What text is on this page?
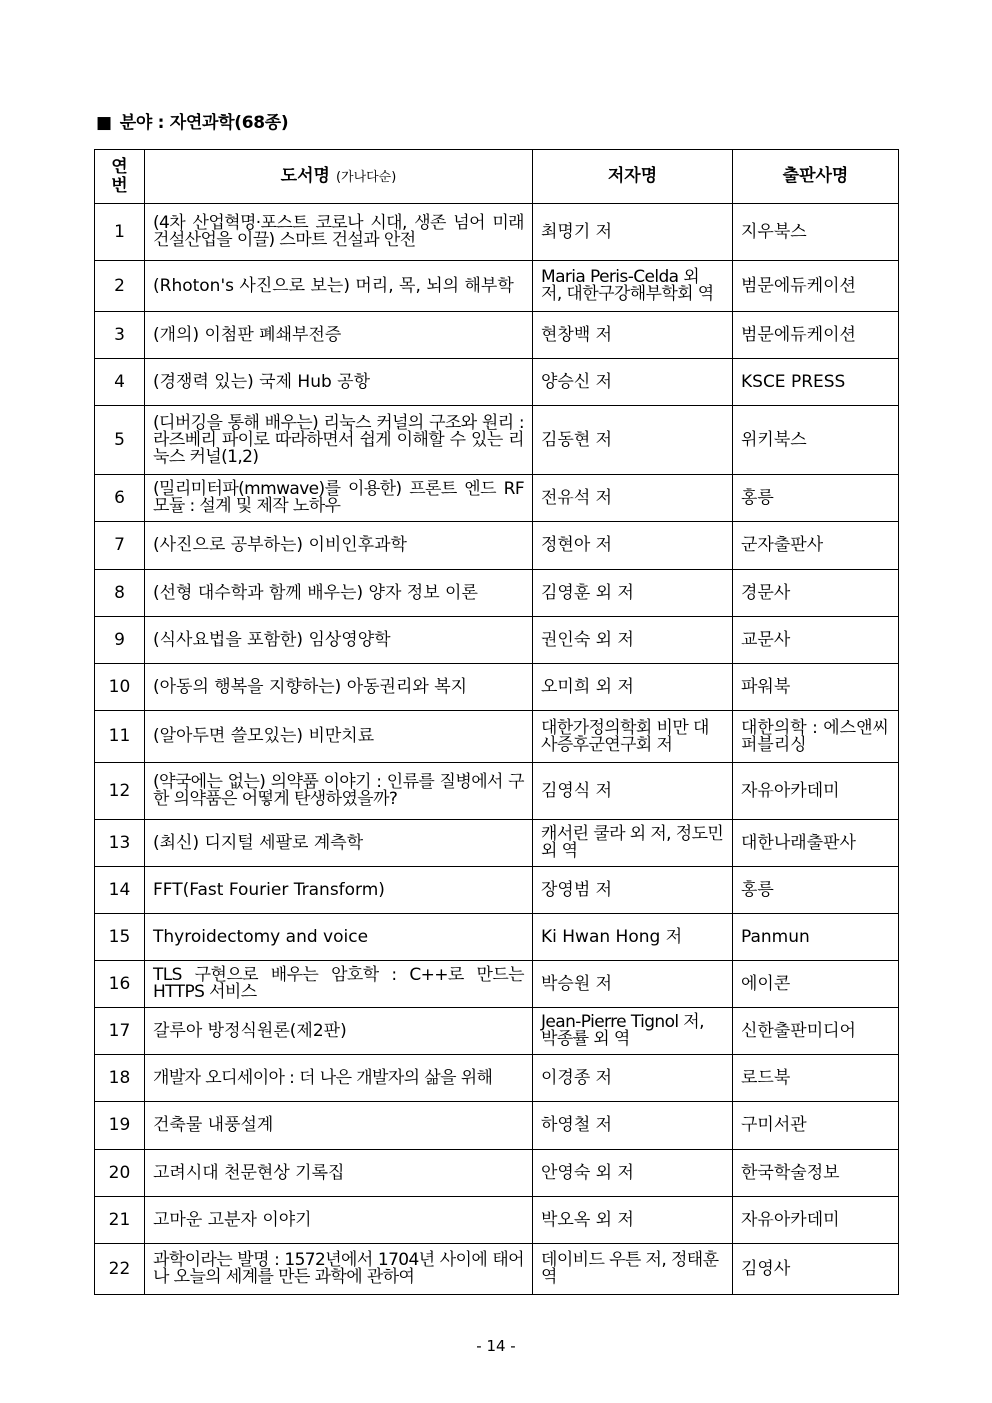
■ 분야 : 자연과학(68종)
연
번	도서명 (가나다순)	저자명	출판사명
1	(4차 산업혁명·포스트 코로나 시대, 생존 넘어 미래 건설산업을 이끌) 스마트 건설과 안전	최명기 저	지우북스
2	(Rhoton's 사진으로 보는) 머리, 목, 뇌의 해부학	Maria Peris-Celda 외 저, 대한구강해부학회 역	범문에듀케이션
3	(개의) 이첨판 폐쇄부전증	현창백 저	범문에듀케이션
4	(경쟁력 있는) 국제 Hub 공항	양승신 저	KSCE PRESS
5	(디버깅을 통해 배우는) 리눅스 커널의 구조와 원리 : 라즈베리 파이로 따라하면서 쉽게 이해할 수 있는 리눅스 커널(1,2)	김동현 저	위키북스
6	(밀리미터파(mmwave)를 이용한) 프론트 엔드 RF 모듈 : 설계 및 제작 노하우	전유석 저	홍릉
7	(사진으로 공부하는) 이비인후과학	정현아 저	군자출판사
8	(선형 대수학과 함께 배우는) 양자 정보 이론	김영훈 외 저	경문사
9	(식사요법을 포함한) 임상영양학	권인숙 외 저	교문사
10	(아동의 행복을 지향하는) 아동권리와 복지	오미희 외 저	파워북
11	(알아두면 쓸모있는) 비만치료	대한가정의학회 비만 대사증후군연구회 저	대한의학 : 에스앤씨퍼블리싱
12	(약국에는 없는) 의약품 이야기 : 인류를 질병에서 구한 의약품은 어떻게 탄생하였을까?	김영식 저	자유아카데미
13	(최신) 디지털 세팔로 계측학	캐서린 쿨라 외 저, 정도민 외 역	대한나래출판사
14	FFT(Fast Fourier Transform)	장영범 저	홍릉
15	Thyroidectomy and voice	Ki Hwan Hong 저	Panmun
16	TLS 구현으로 배우는 암호학 : C++로 만드는 HTTPS 서비스	박승원 저	에이콘
17	갈루아 방정식원론(제2판)	Jean-Pierre Tignol 저, 박종률 외 역	신한출판미디어
18	개발자 오디세이아 : 더 나은 개발자의 삶을 위해	이경종 저	로드북
19	건축물 내풍설계	하영철 저	구미서관
20	고려시대 천문현상 기록집	안영숙 외 저	한국학술정보
21	고마운 고분자 이야기	박오옥 외 저	자유아카데미
22	과학이라는 발명 : 1572년에서 1704년 사이에 태어나 오늘의 세계를 만든 과학에 관하여	데이비드 우튼 저, 정태훈 역	김영사
- 14 -
